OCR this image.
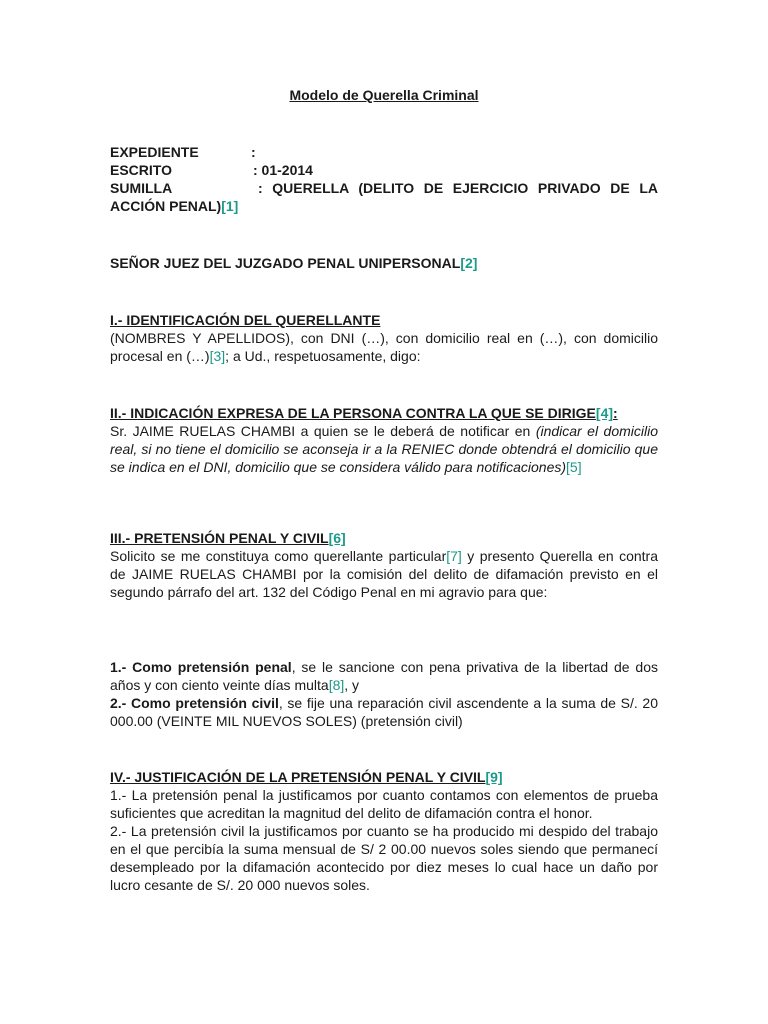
Modelo de Querella Criminal
EXPEDIENTE	:
ESCRITO	: 01-2014
SUMILLA	: QUERELLA (DELITO DE EJERCICIO PRIVADO DE LA
ACCIÓN PENAL)[1]
SEÑOR JUEZ DEL JUZGADO PENAL UNIPERSONAL[2]
I.- IDENTIFICACIÓN DEL QUERELLANTE
(NOMBRES Y APELLIDOS), con DNI (…), con domicilio real en (…), con domicilio procesal en (…)[3]; a Ud., respetuosamente, digo:
II.- INDICACIÓN EXPRESA DE LA PERSONA CONTRA LA QUE SE DIRIGE[4]:
Sr. JAIME RUELAS CHAMBI a quien se le deberá de notificar en (indicar el domicilio real, si no tiene el domicilio se aconseja ir a la RENIEC donde obtendrá el domicilio que se indica en el DNI, domicilio que se considera válido para notificaciones)[5]
III.- PRETENSIÓN PENAL Y CIVIL[6]
Solicito se me constituya como querellante particular[7] y presento Querella en contra de JAIME RUELAS CHAMBI por la comisión del delito de difamación previsto en el segundo párrafo del art. 132 del Código Penal en mi agravio para que:
1.- Como pretensión penal, se le sancione con pena privativa de la libertad de dos años y con ciento veinte días multa[8], y
2.- Como pretensión civil, se fije una reparación civil ascendente a la suma de S/. 20 000.00 (VEINTE MIL NUEVOS SOLES) (pretensión civil)
IV.- JUSTIFICACIÓN DE LA PRETENSIÓN PENAL Y CIVIL[9]
1.- La pretensión penal la justificamos por cuanto contamos con elementos de prueba suficientes que acreditan la magnitud del delito de difamación contra el honor.
2.- La pretensión civil la justificamos por cuanto se ha producido mi despido del trabajo en el que percibía la suma mensual de S/ 2 00.00 nuevos soles siendo que permanecí desempleado por la difamación acontecido por diez meses lo cual hace un daño por lucro cesante de S/. 20 000 nuevos soles.
